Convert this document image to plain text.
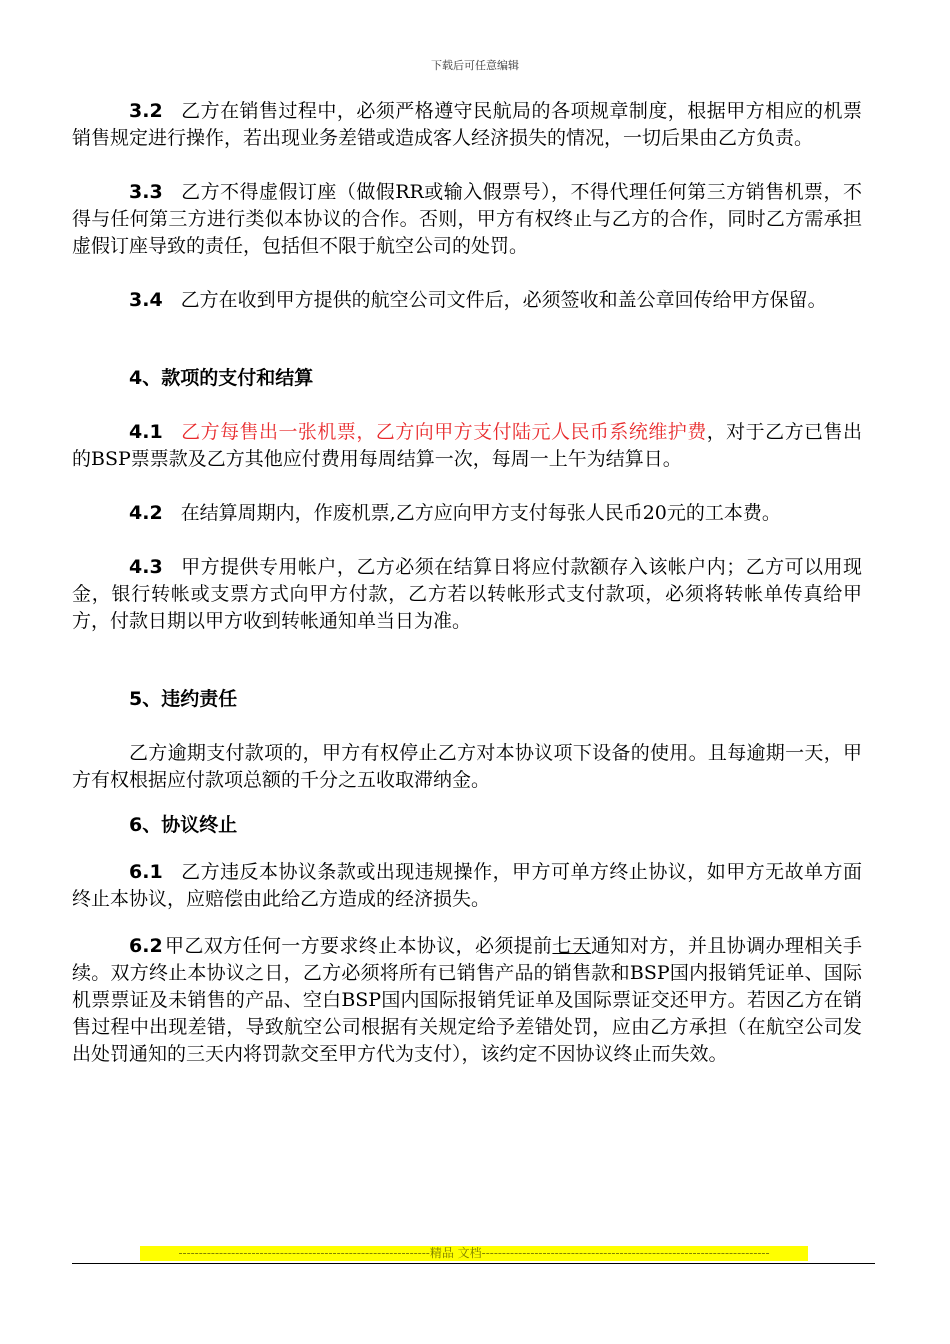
下载后可任意编辑

3.2 乙方在销售过程中，必须严格遵守民航局的各项规章制度，根据甲方相应的机票销售规定进行操作，若出现业务差错或造成客人经济损失的情况，一切后果由乙方负责。

3.3 乙方不得虚假订座（做假RR或输入假票号），不得代理任何第三方销售机票，不得与任何第三方进行类似本协议的合作。否则，甲方有权终止与乙方的合作，同时乙方需承担虚假订座导致的责任，包括但不限于航空公司的处罚。

3.4 乙方在收到甲方提供的航空公司文件后，必须签收和盖公章回传给甲方保留。

4、款项的支付和结算

4.1 乙方每售出一张机票，乙方向甲方支付陆元人民币系统维护费，对于乙方已售出的BSP票票款及乙方其他应付费用每周结算一次，每周一上午为结算日。

4.2 在结算周期内，作废机票,乙方应向甲方支付每张人民币20元的工本费。

4.3 甲方提供专用帐户，乙方必须在结算日将应付款额存入该帐户内；乙方可以用现金，银行转帐或支票方式向甲方付款，乙方若以转帐形式支付款项，必须将转帐单传真给甲方，付款日期以甲方收到转帐通知单当日为准。

5、违约责任

乙方逾期支付款项的，甲方有权停止乙方对本协议项下设备的使用。且每逾期一天，甲方有权根据应付款项总额的千分之五收取滞纳金。

6、协议终止

6.1 乙方违反本协议条款或出现违规操作，甲方可单方终止协议，如甲方无故单方面终止本协议，应赔偿由此给乙方造成的经济损失。

6.2 甲乙双方任何一方要求终止本协议，必须提前七天通知对方，并且协调办理相关手续。双方终止本协议之日，乙方必须将所有已销售产品的销售款和BSP国内报销凭证单、国际机票票证及未销售的产品、空白BSP国内国际报销凭证单及国际票证交还甲方。若因乙方在销售过程中出现差错，导致航空公司根据有关规定给予差错处罚，应由乙方承担（在航空公司发出处罚通知的三天内将罚款交至甲方代为支付），该约定不因协议终止而失效。

--------------------------------------------------------------精品 文档-----------------------------------------------------------------------
